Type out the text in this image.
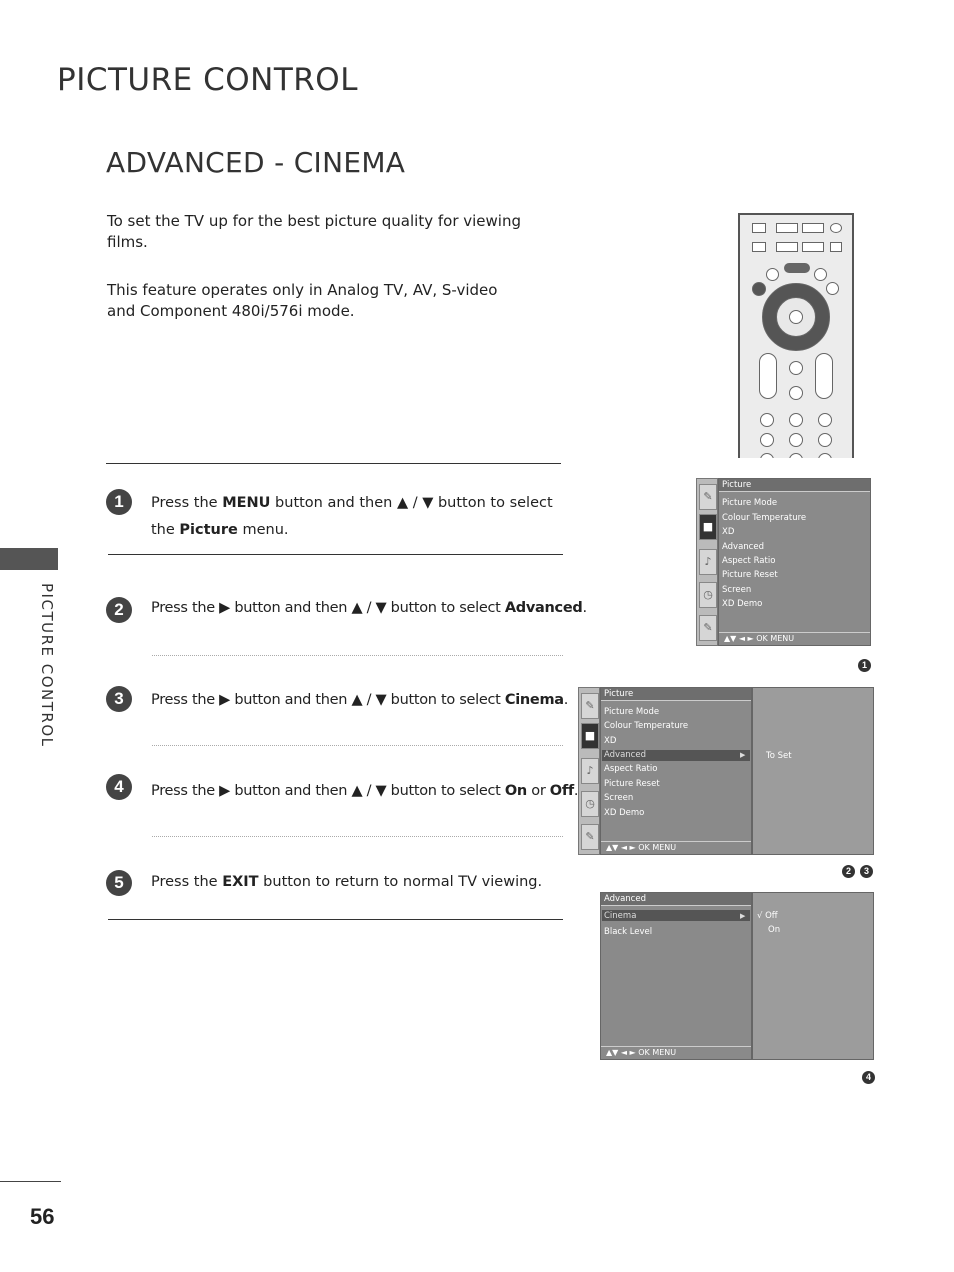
PICTURE CONTROL
ADVANCED - CINEMA
To set the TV up for the best picture quality for viewing films.
This feature operates only in Analog TV, AV, S-video and Component 480i/576i mode.
PICTURE CONTROL
56
1	Press the MENU button and then ▲ / ▼ button to select
the Picture menu.
2	Press the ▶ button and then ▲ / ▼ button to select Advanced.
3	Press the ▶ button and then ▲ / ▼ button to select Cinema.
4	Press the ▶ button and then ▲ / ▼ button to select On or Off.
5	Press the EXIT button to return to normal TV viewing.
✎
■
♪
◷
✎
Picture
Picture Mode
Colour Temperature
XD
Advanced
Aspect Ratio
Picture Reset
Screen
XD Demo
▲▼ ◄ ► OK MENU
1
✎
■
♪
◷
✎
Picture
Picture Mode
Colour Temperature
XD
Advanced	▶
Aspect Ratio
Picture Reset
Screen
XD Demo
▲▼ ◄ ► OK MENU
To Set
2	3
Advanced
Cinema	▶
Black Level
▲▼ ◄ ► OK MENU
√ Off
On
4
